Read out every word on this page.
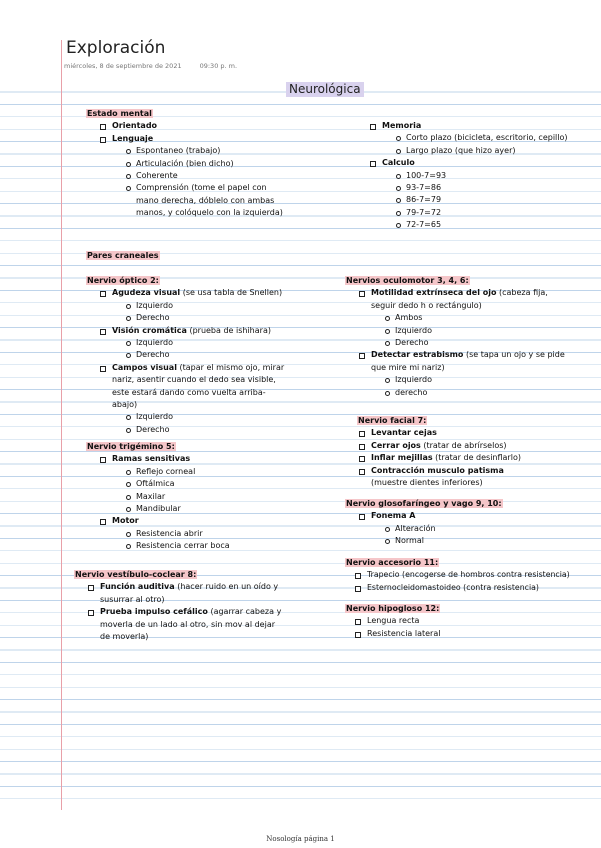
Exploración
miércoles, 8 de septiembre de 2021	09:30 p. m.
Neurológica
Estado mental
Orientado
Lenguaje
Espontaneo (trabajo)
Articulación (bien dicho)
Coherente
Comprensión (tome el papel con mano derecha, dóblelo con ambas manos, y colóquelo con la izquierda)
Memoria
Corto plazo (bicicleta, escritorio, cepillo)
Largo plazo (que hizo ayer)
Calculo
100-7=93
93-7=86
86-7=79
79-7=72
72-7=65
Pares craneales
Nervio óptico 2:
Agudeza visual (se usa tabla de Snellen)
Izquierdo
Derecho
Visión cromática (prueba de ishihara)
Izquierdo
Derecho
Campos visual (tapar el mismo ojo, mirar nariz, asentir cuando el dedo sea visible, este estará dando como vuelta arriba-abajo)
Izquierdo
Derecho
Nervio trigémino 5:
Ramas sensitivas
Reflejo corneal
Oftálmica
Maxilar
Mandibular
Motor
Resistencia abrir
Resistencia cerrar boca
Nervio vestíbulo-coclear 8:
Función auditiva (hacer ruido en un oído y susurrar al otro)
Prueba impulso cefálico (agarrar cabeza y moverla de un lado al otro, sin mov al dejar de moverla)
Nervios oculomotor 3, 4, 6:
Motilidad extrínseca del ojo (cabeza fija, seguir dedo h o rectángulo)
Ambos
Izquierdo
Derecho
Detectar estrabismo (se tapa un ojo y se pide que mire mi nariz)
Izquierdo
derecho
Nervio facial 7:
Levantar cejas
Cerrar ojos (tratar de abrírselos)
Inflar mejillas (tratar de desinflarlo)
Contracción musculo patisma
(muestre dientes inferiores)
Nervio glosofaríngeo y vago 9, 10:
Fonema A
Alteración
Normal
Nervio accesorio 11:
Trapecio (encogerse de hombros contra resistencia)
Esternocleidomastoideo (contra resistencia)
Nervio hipogloso 12:
Lengua recta
Resistencia lateral
Nosología página 1
